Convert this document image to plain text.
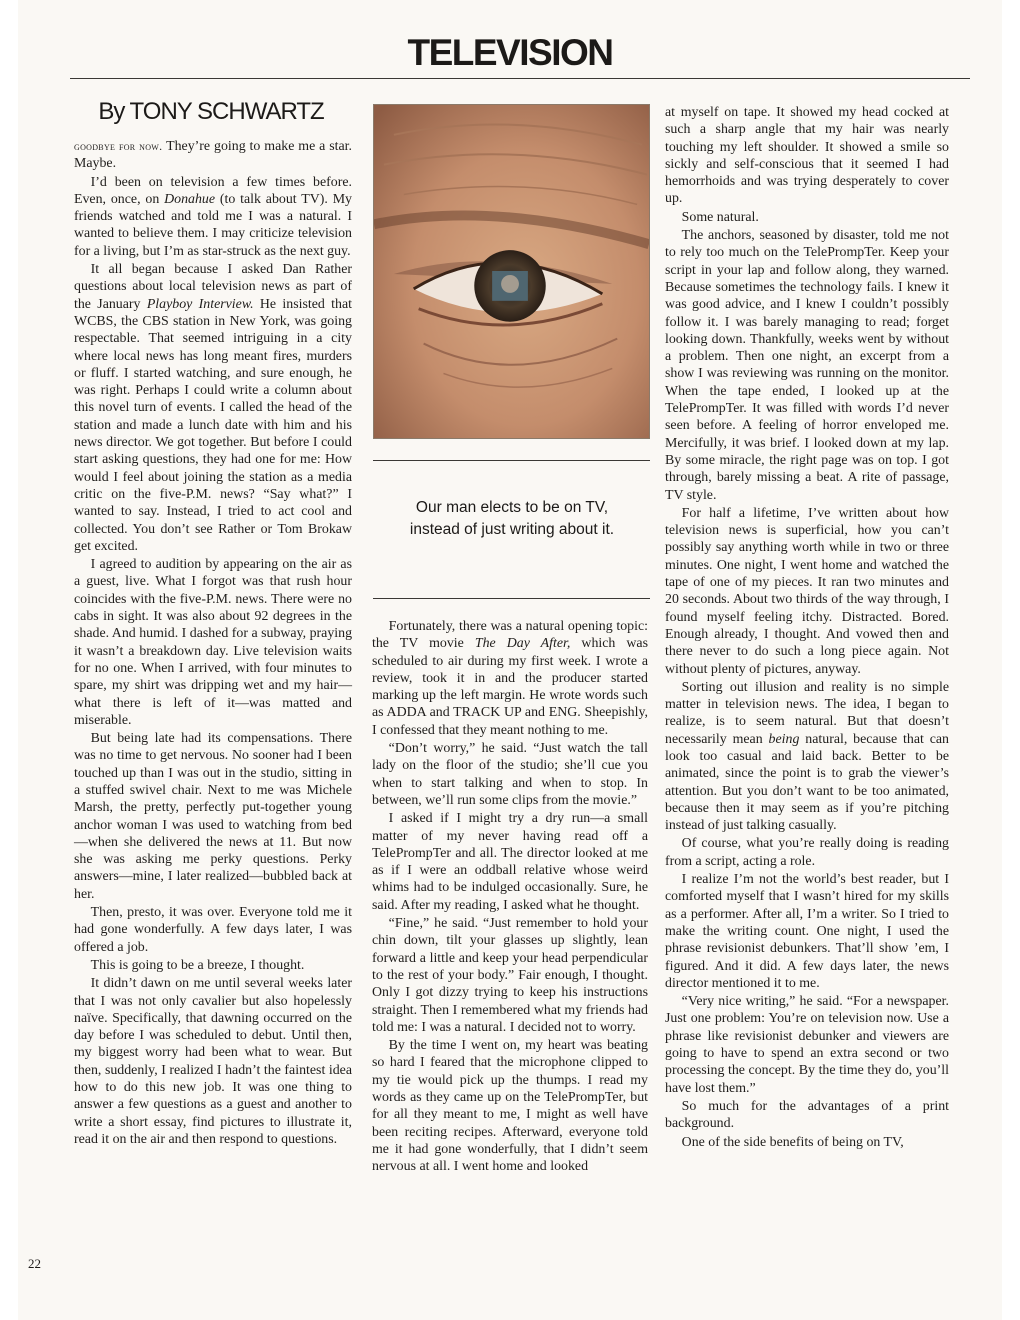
TELEVISION
By TONY SCHWARTZ

goodbye for now. They’re going to make me a star. Maybe.

I’d been on television a few times before. Even, once, on Donahue (to talk about TV). My friends watched and told me I was a natural. I wanted to believe them. I may criticize television for a living, but I’m as star-struck as the next guy.

It all began because I asked Dan Rather questions about local television news as part of the January Playboy Interview. He insisted that WCBS, the CBS station in New York, was going respectable. That seemed intriguing in a city where local news has long meant fires, murders or fluff. I started watching, and sure enough, he was right. Perhaps I could write a column about this novel turn of events. I called the head of the station and made a lunch date with him and his news director. We got together. But before I could start asking questions, they had one for me: How would I feel about joining the station as a media critic on the five-P.M. news? “Say what?” I wanted to say. Instead, I tried to act cool and collected. You don’t see Rather or Tom Brokaw get excited.

I agreed to audition by appearing on the air as a guest, live. What I forgot was that rush hour coincides with the five-P.M. news. There were no cabs in sight. It was also about 92 degrees in the shade. And humid. I dashed for a subway, praying it wasn’t a breakdown day. Live television waits for no one. When I arrived, with four minutes to spare, my shirt was dripping wet and my hair—what there is left of it—was matted and miserable.

But being late had its compensations. There was no time to get nervous. No sooner had I been touched up than I was out in the studio, sitting in a stuffed swivel chair. Next to me was Michele Marsh, the pretty, perfectly put-together young anchor woman I was used to watching from bed—when she delivered the news at 11. But now she was asking me perky questions. Perky answers—mine, I later realized—bubbled back at her.

Then, presto, it was over. Everyone told me it had gone wonderfully. A few days later, I was offered a job.

This is going to be a breeze, I thought.

It didn’t dawn on me until several weeks later that I was not only cavalier but also hopelessly naïve. Specifically, that dawning occurred on the day before I was scheduled to debut. Until then, my biggest worry had been what to wear. But then, suddenly, I realized I hadn’t the faintest idea how to do this new job. It was one thing to answer a few questions as a guest and another to write a short essay, find pictures to illustrate it, read it on the air and then respond to questions.

Our man elects to be on TV, instead of just writing about it.

Fortunately, there was a natural opening topic: the TV movie The Day After, which was scheduled to air during my first week. I wrote a review, took it in and the producer started marking up the left margin. He wrote words such as ADDA and TRACK UP and ENG. Sheepishly, I confessed that they meant nothing to me.

“Don’t worry,” he said. “Just watch the tall lady on the floor of the studio; she’ll cue you when to start talking and when to stop. In between, we’ll run some clips from the movie.”

I asked if I might try a dry run—a small matter of my never having read off a TelePrompTer and all. The director looked at me as if I were an oddball relative whose weird whims had to be indulged occasionally. Sure, he said. After my reading, I asked what he thought.

“Fine,” he said. “Just remember to hold your chin down, tilt your glasses up slightly, lean forward a little and keep your head perpendicular to the rest of your body.” Fair enough, I thought. Only I got dizzy trying to keep his instructions straight. Then I remembered what my friends had told me: I was a natural. I decided not to worry.

By the time I went on, my heart was beating so hard I feared that the microphone clipped to my tie would pick up the thumps. I read my words as they came up on the TelePrompTer, but for all they meant to me, I might as well have been reciting recipes. Afterward, everyone told me it had gone wonderfully, that I didn’t seem nervous at all. I went home and looked

at myself on tape. It showed my head cocked at such a sharp angle that my hair was nearly touching my left shoulder. It showed a smile so sickly and self-conscious that it seemed I had hemorrhoids and was trying desperately to cover up.

Some natural.

The anchors, seasoned by disaster, told me not to rely too much on the TelePrompTer. Keep your script in your lap and follow along, they warned. Because sometimes the technology fails. I knew it was good advice, and I knew I couldn’t possibly follow it. I was barely managing to read; forget looking down. Thankfully, weeks went by without a problem. Then one night, an excerpt from a show I was reviewing was running on the monitor. When the tape ended, I looked up at the TelePrompTer. It was filled with words I’d never seen before. A feeling of horror enveloped me. Mercifully, it was brief. I looked down at my lap. By some miracle, the right page was on top. I got through, barely missing a beat. A rite of passage, TV style.

For half a lifetime, I’ve written about how television news is superficial, how you can’t possibly say anything worth while in two or three minutes. One night, I went home and watched the tape of one of my pieces. It ran two minutes and 20 seconds. About two thirds of the way through, I found myself feeling itchy. Distracted. Bored. Enough already, I thought. And vowed then and there never to do such a long piece again. Not without plenty of pictures, anyway.

Sorting out illusion and reality is no simple matter in television news. The idea, I began to realize, is to seem natural. But that doesn’t necessarily mean being natural, because that can look too casual and laid back. Better to be animated, since the point is to grab the viewer’s attention. But you don’t want to be too animated, because then it may seem as if you’re pitching instead of just talking casually.

Of course, what you’re really doing is reading from a script, acting a role.

I realize I’m not the world’s best reader, but I comforted myself that I wasn’t hired for my skills as a performer. After all, I’m a writer. So I tried to make the writing count. One night, I used the phrase revisionist debunkers. That’ll show ’em, I figured. And it did. A few days later, the news director mentioned it to me.

“Very nice writing,” he said. “For a newspaper. Just one problem: You’re on television now. Use a phrase like revisionist debunker and viewers are going to have to spend an extra second or two processing the concept. By the time they do, you’ll have lost them.”

So much for the advantages of a print background.

One of the side benefits of being on TV,

22
